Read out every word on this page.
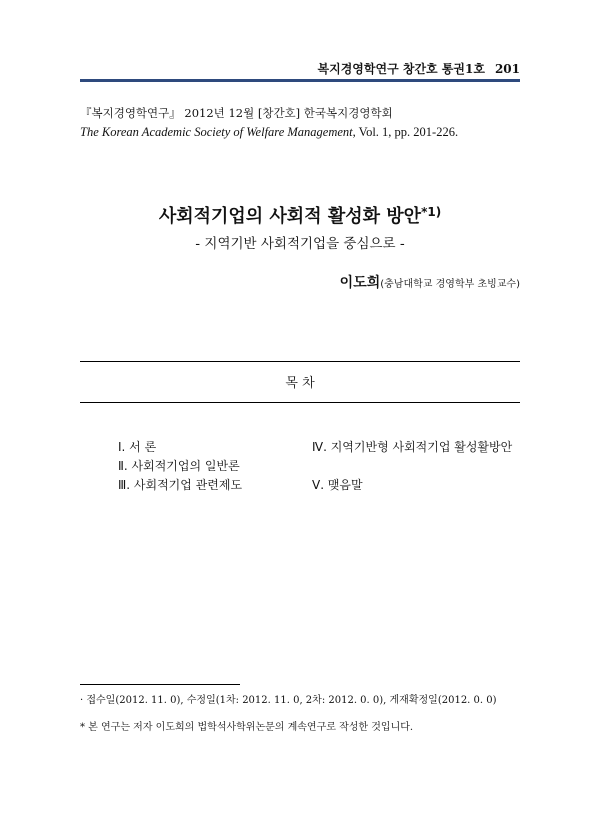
복지경영학연구 창간호 통권1호 201
『복지경영학연구』 2012년 12월 [창간호] 한국복지경영학회
The Korean Academic Society of Welfare Management, Vol. 1, pp. 201-226.
사회적기업의 사회적 활성화 방안$^{*1)}$
- 지역기반 사회적기업을 중심으로 -
이도희(충남대학교 경영학부 초빙교수)
목 차
Ⅰ. 서 론
Ⅱ. 사회적기업의 일반론
Ⅲ. 사회적기업 관련제도
Ⅳ. 지역기반형 사회적기업 활성활방안
Ⅴ. 맺음말
· 접수일(2012. 11. 0), 수정일(1차: 2012. 11. 0, 2차: 2012. 0. 0), 게재확정일(2012. 0. 0)
* 본 연구는 저자 이도희의 법학석사학위논문의 계속연구로 작성한 것입니다.
